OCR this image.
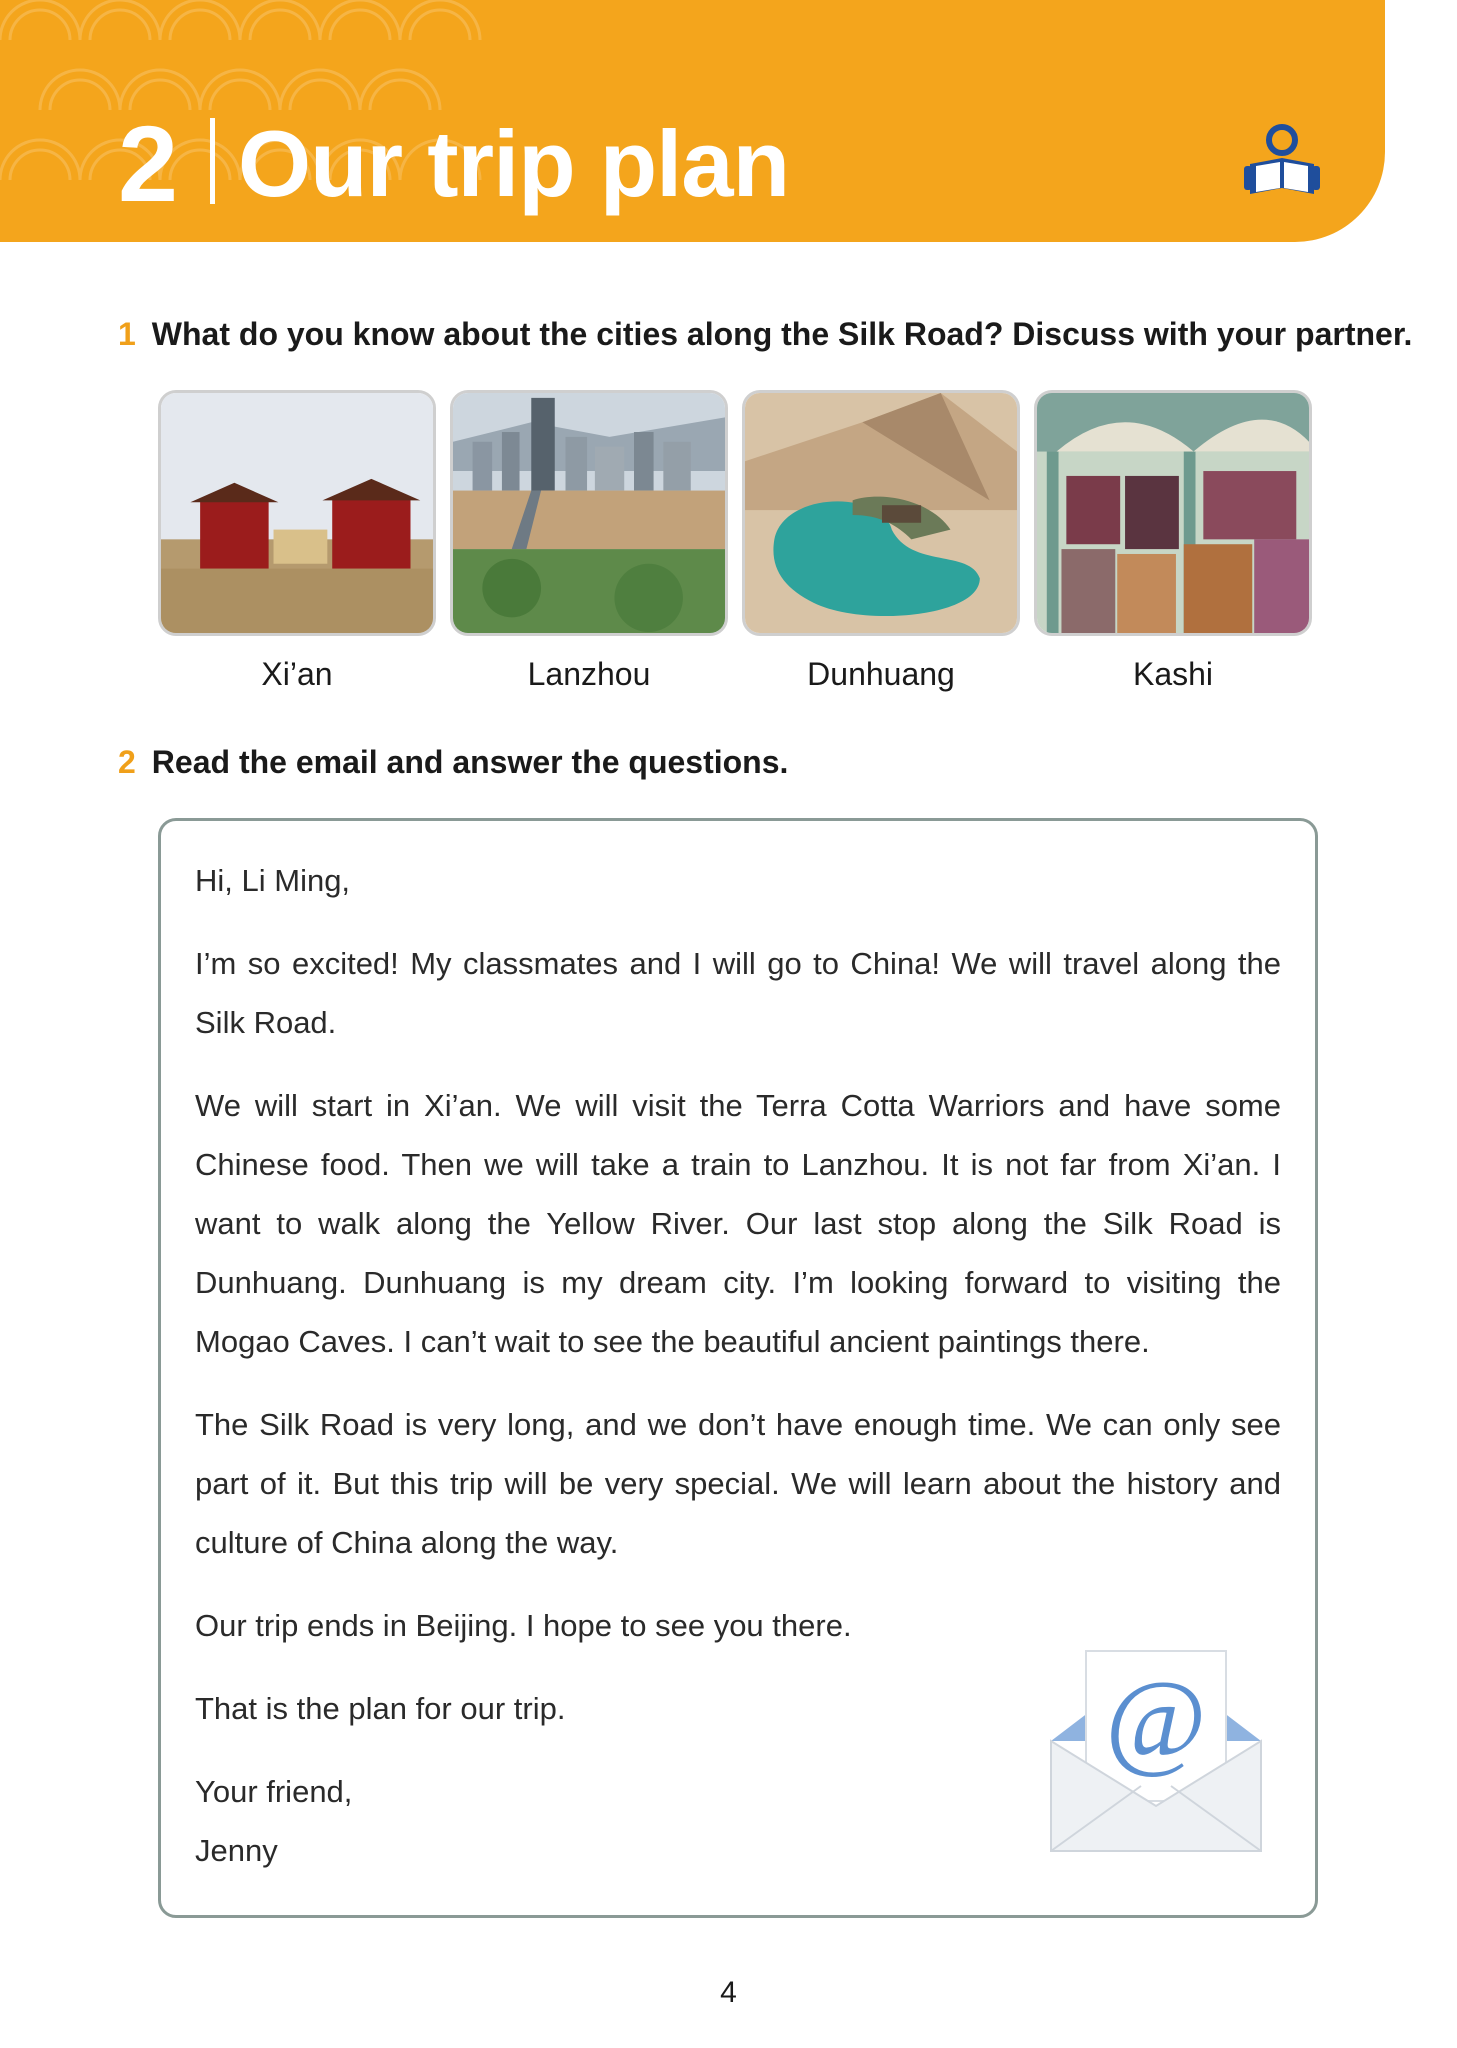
2 Our trip plan
1 What do you know about the cities along the Silk Road? Discuss with your partner.
Xi’an	Lanzhou	Dunhuang	Kashi
2 Read the email and answer the questions.

Hi, Li Ming,

I’m so excited! My classmates and I will go to China! We will travel along the Silk Road.

We will start in Xi’an. We will visit the Terra Cotta Warriors and have some Chinese food. Then we will take a train to Lanzhou. It is not far from Xi’an. I want to walk along the Yellow River. Our last stop along the Silk Road is Dunhuang. Dunhuang is my dream city. I’m looking forward to visiting the Mogao Caves. I can’t wait to see the beautiful ancient paintings there.

The Silk Road is very long, and we don’t have enough time. We can only see part of it. But this trip will be very special. We will learn about the history and culture of China along the way.

Our trip ends in Beijing. I hope to see you there.

That is the plan for our trip.

Your friend,

Jenny

@
4
